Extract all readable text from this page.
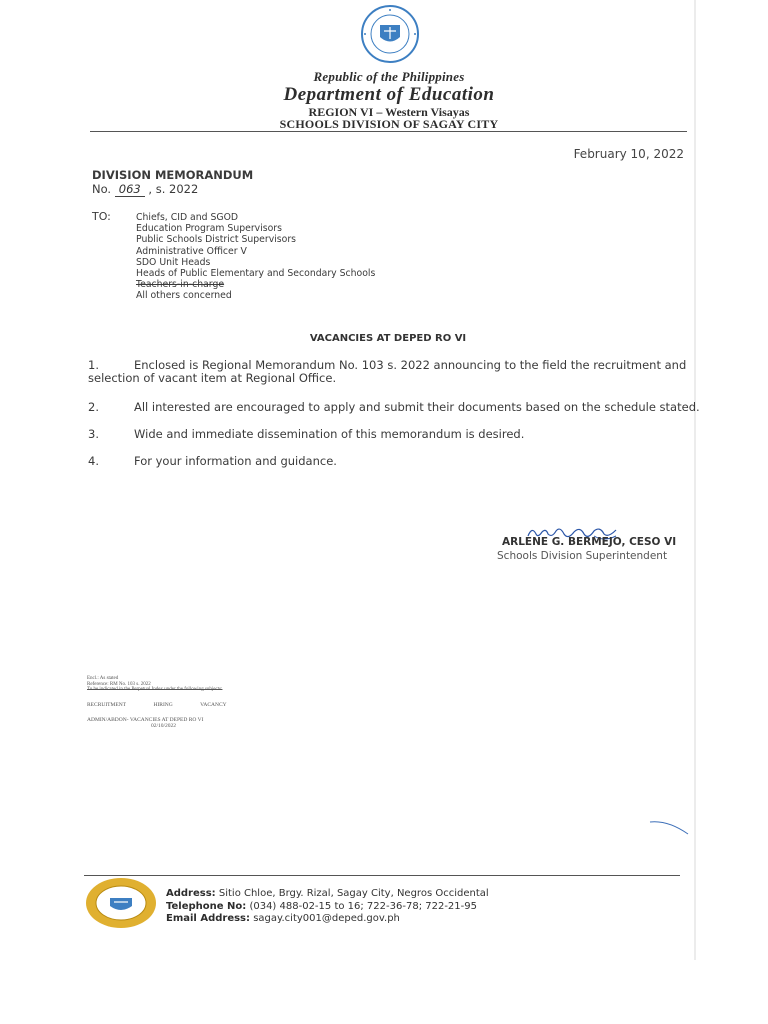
Republic of the Philippines
Department of Education
REGION VI – Western Visayas
SCHOOLS DIVISION OF SAGAY CITY
February 10, 2022
DIVISION MEMORANDUM
No. 063 , s. 2022
TO:	Chiefs, CID and SGOD
Education Program Supervisors
Public Schools District Supervisors
Administrative Officer V
SDO Unit Heads
Heads of Public Elementary and Secondary Schools
Teachers-in-charge
All others concerned
VACANCIES AT DEPED RO VI
1.	Enclosed is Regional Memorandum No. 103 s. 2022 announcing to the field the recruitment and
selection of vacant item at Regional Office.
2.	All interested are encouraged to apply and submit their documents based on the schedule stated.
3.	Wide and immediate dissemination of this memorandum is desired.
4.	For your information and guidance.
ARLENE G. BERMEJO, CESO VI
Schools Division Superintendent
Encl.: As stated
Reference: RM No. 103 s. 2022
To be indicated in the Perpetual Index under the following subjects:
RECRUITMENT	HIRING	VACANCY
ADMIN/ABDON- VACANCIES AT DEPED RO VI
02/10/2022
Address: Sitio Chloe, Brgy. Rizal, Sagay City, Negros Occidental
Telephone No: (034) 488-02-15 to 16; 722-36-78; 722-21-95
Email Address: sagay.city001@deped.gov.ph
